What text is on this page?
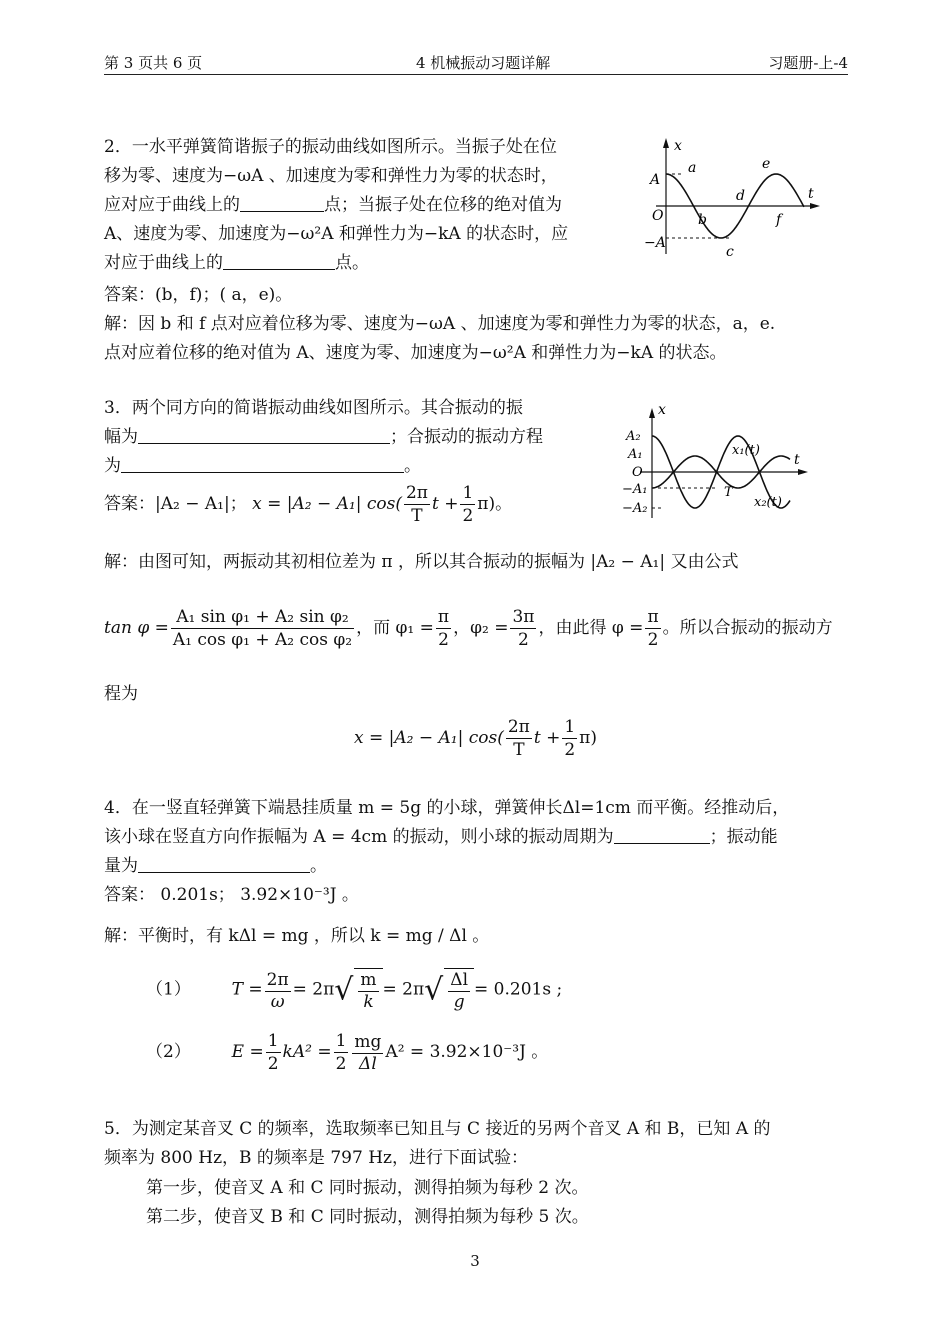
第 3 页共 6 页	4 机械振动习题详解	习题册-上-4
2．一水平弹簧简谐振子的振动曲线如图所示。当振子处在位
移为零、速度为−ωA 、加速度为零和弹性力为零的状态时，
应对应于曲线上的	点；当振子处在位移的绝对值为
A、速度为零、加速度为−ω²A 和弹性力为−kA 的状态时，应
对应于曲线上的	点。
答案：(b，f)；( a，e)。
解：因 b 和 f 点对应着位移为零、速度为−ωA 、加速度为零和弹性力为零的状态，a，e.
点对应着位移的绝对值为 A、速度为零、加速度为−ω²A 和弹性力为−kA 的状态。
x
t
A
−A
O
a
b
c
d
e
f
3．两个同方向的简谐振动曲线如图所示。其合振动的振
幅为	；合振动的振动方程
为	。
答案：|A₂ − A₁|； x = |A₂ − A₁| $\cos( \frac{2\pi}{T}$ $t + \frac{1}{2} \pi$)。
x
t
A₂
A₁
O
−A₁
−A₂
x₁(t)
x₂(t)
T
解：由图可知，两振动其初相位差为 π ，所以其合振动的振幅为 |A₂ − A₁| 又由公式
$\tan \varphi = \frac{\text{A₁ sin φ₁ + A₂ sin φ₂}}{\text{A₁ cos φ₁ + A₂ cos φ₂}}$ ，而 $\varphi_1 = \frac{\pi}{2}$ ，$\varphi_2 = \frac{3\pi}{2}$ ，由此得 $\varphi = \frac{\pi}{2}$ 。所以合振动的振动方
程为
x = |A₂ − A₁| $\cos( \frac{2\pi}{T}$ $t + \frac{1}{2} \pi$)
4．在一竖直轻弹簧下端悬挂质量 m = 5g 的小球，弹簧伸长Δl=1cm 而平衡。经推动后，
该小球在竖直方向作振幅为 A = 4cm 的振动，则小球的振动周期为	；振动能
量为	。
答案： 0.201s； 3.92×10⁻³J 。
解：平衡时，有 kΔl = mg ，所以 k = mg / Δl 。
（1） $T = \frac{2\pi}{\omega} = 2\pi√ \frac{m}{k} = 2\pi√ \frac{\Delta l}{g} = 0.201s$ ;
（2） $E = \frac{1}{2} kA^2 = \frac{1}{2} \frac{mg}{\Delta l} A^2 = 3.92\times 10^{-3}J$ 。
5．为测定某音叉 C 的频率，选取频率已知且与 C 接近的另两个音叉 A 和 B，已知 A 的
频率为 800 Hz，B 的频率是 797 Hz，进行下面试验：
第一步，使音叉 A 和 C 同时振动，测得拍频为每秒 2 次。
第二步，使音叉 B 和 C 同时振动，测得拍频为每秒 5 次。
3
